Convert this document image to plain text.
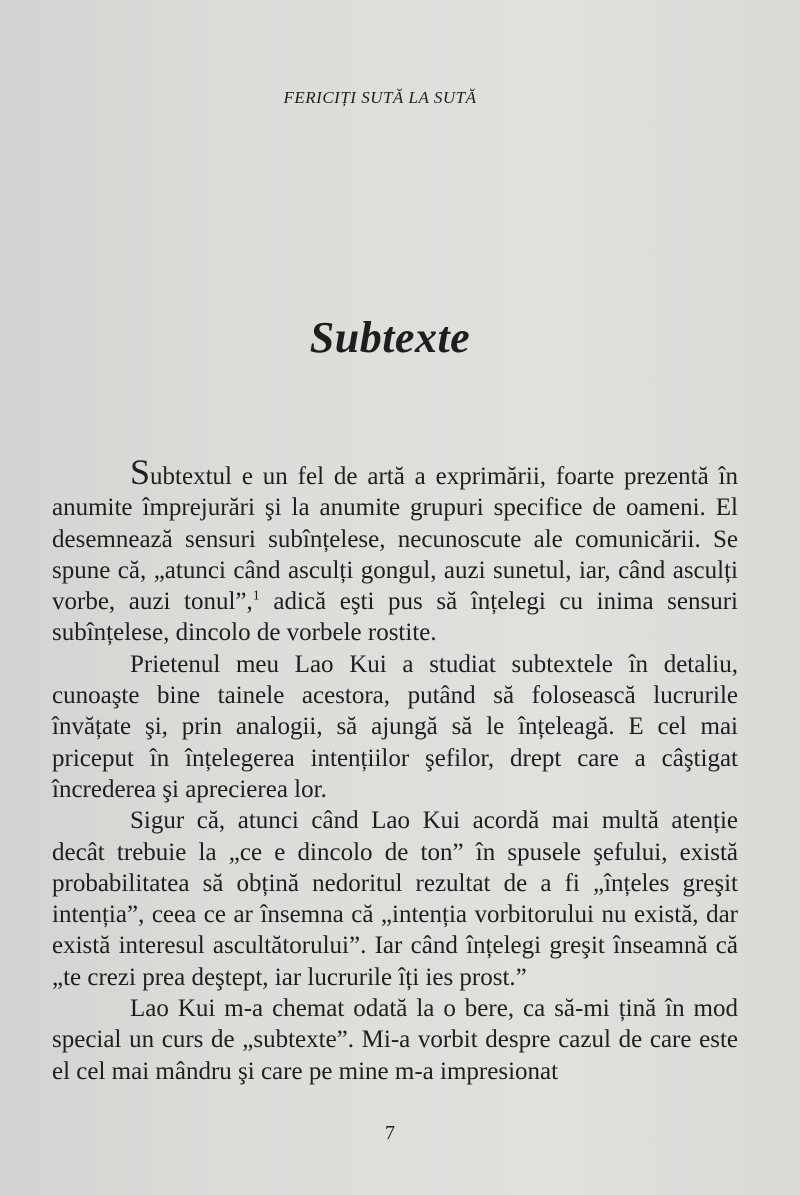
FERICIȚI SUTĂ LA SUTĂ
Subtexte

Subtextul e un fel de artă a exprimării, foarte prezentă în anumite împrejurări şi la anumite grupuri specifice de oameni. El desemnează sensuri subînțelese, necunoscute ale comunicării. Se spune că, „atunci când asculți gongul, auzi sunetul, iar, când asculți vorbe, auzi tonul”,$^1$ adică eşti pus să înțelegi cu inima sensuri subînțelese, dincolo de vorbele rostite.

Prietenul meu Lao Kui a studiat subtextele în detaliu, cunoaşte bine tainele acestora, putând să folosească lucrurile învățate şi, prin analogii, să ajungă să le înțeleagă. E cel mai priceput în înțelegerea intențiilor şefilor, drept care a câştigat încrederea şi aprecierea lor.

Sigur că, atunci când Lao Kui acordă mai multă atenție decât trebuie la „ce e dincolo de ton” în spusele şefului, există probabilitatea să obțină nedoritul rezultat de a fi „înțeles greşit intenția”, ceea ce ar însemna că „intenția vorbitorului nu există, dar există interesul ascultătorului”. Iar când înțelegi greşit înseamnă că „te crezi prea deştept, iar lucrurile îți ies prost.”

Lao Kui m-a chemat odată la o bere, ca să-mi țină în mod special un curs de „subtexte”. Mi-a vorbit despre cazul de care este el cel mai mândru şi care pe mine m-a impresionat

7
